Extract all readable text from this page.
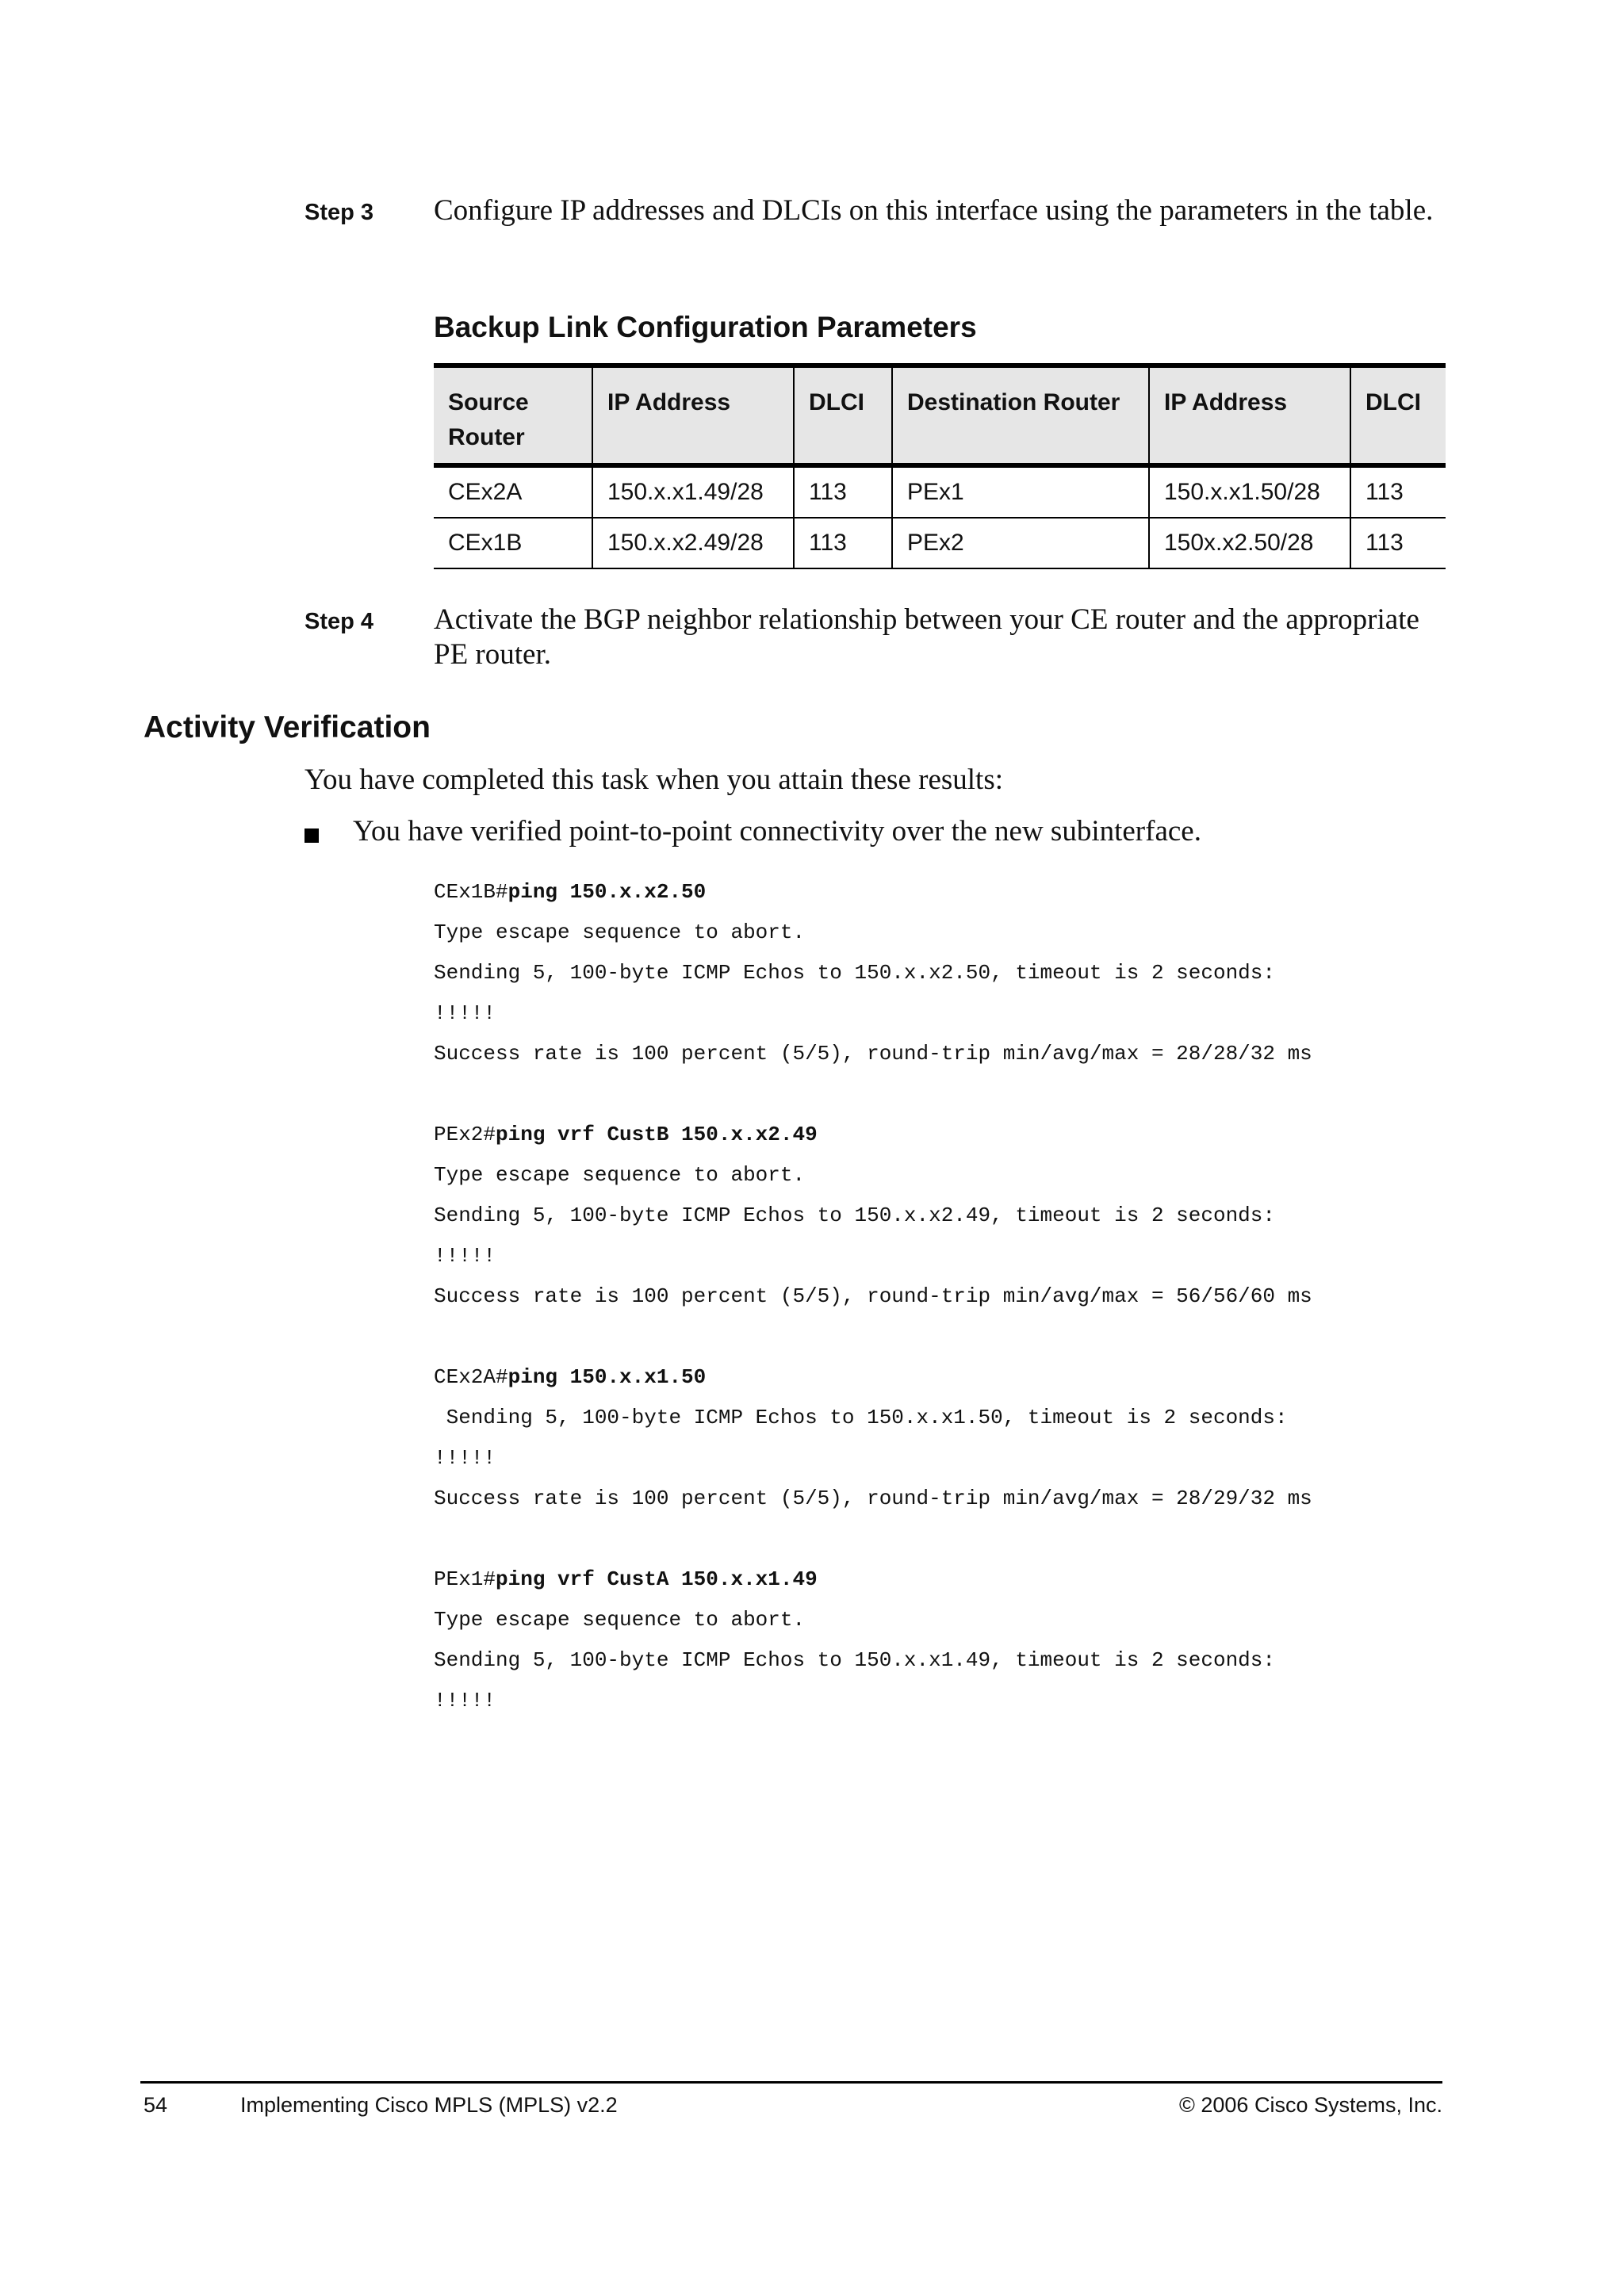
Step 3 Configure IP addresses and DLCIs on this interface using the parameters in the table.
Backup Link Configuration Parameters
Source Router	IP Address	DLCI	Destination Router	IP Address	DLCI
CEx2A	150.x.x1.49/28	113	PEx1	150.x.x1.50/28	113
CEx1B	150.x.x2.49/28	113	PEx2	150x.x2.50/28	113
Step 4 Activate the BGP neighbor relationship between your CE router and the appropriate PE router.
Activity Verification
You have completed this task when you attain these results:
You have verified point-to-point connectivity over the new subinterface.
CEx1B#ping 150.x.x2.50
Type escape sequence to abort.
Sending 5, 100-byte ICMP Echos to 150.x.x2.50, timeout is 2 seconds:
!!!!!
Success rate is 100 percent (5/5), round-trip min/avg/max = 28/28/32 ms
PEx2#ping vrf CustB 150.x.x2.49
Type escape sequence to abort.
Sending 5, 100-byte ICMP Echos to 150.x.x2.49, timeout is 2 seconds:
!!!!!
Success rate is 100 percent (5/5), round-trip min/avg/max = 56/56/60 ms
CEx2A#ping 150.x.x1.50
Sending 5, 100-byte ICMP Echos to 150.x.x1.50, timeout is 2 seconds:
!!!!!
Success rate is 100 percent (5/5), round-trip min/avg/max = 28/29/32 ms
PEx1#ping vrf CustA 150.x.x1.49
Type escape sequence to abort.
Sending 5, 100-byte ICMP Echos to 150.x.x1.49, timeout is 2 seconds:
!!!!!
54	Implementing Cisco MPLS (MPLS) v2.2	© 2006 Cisco Systems, Inc.
